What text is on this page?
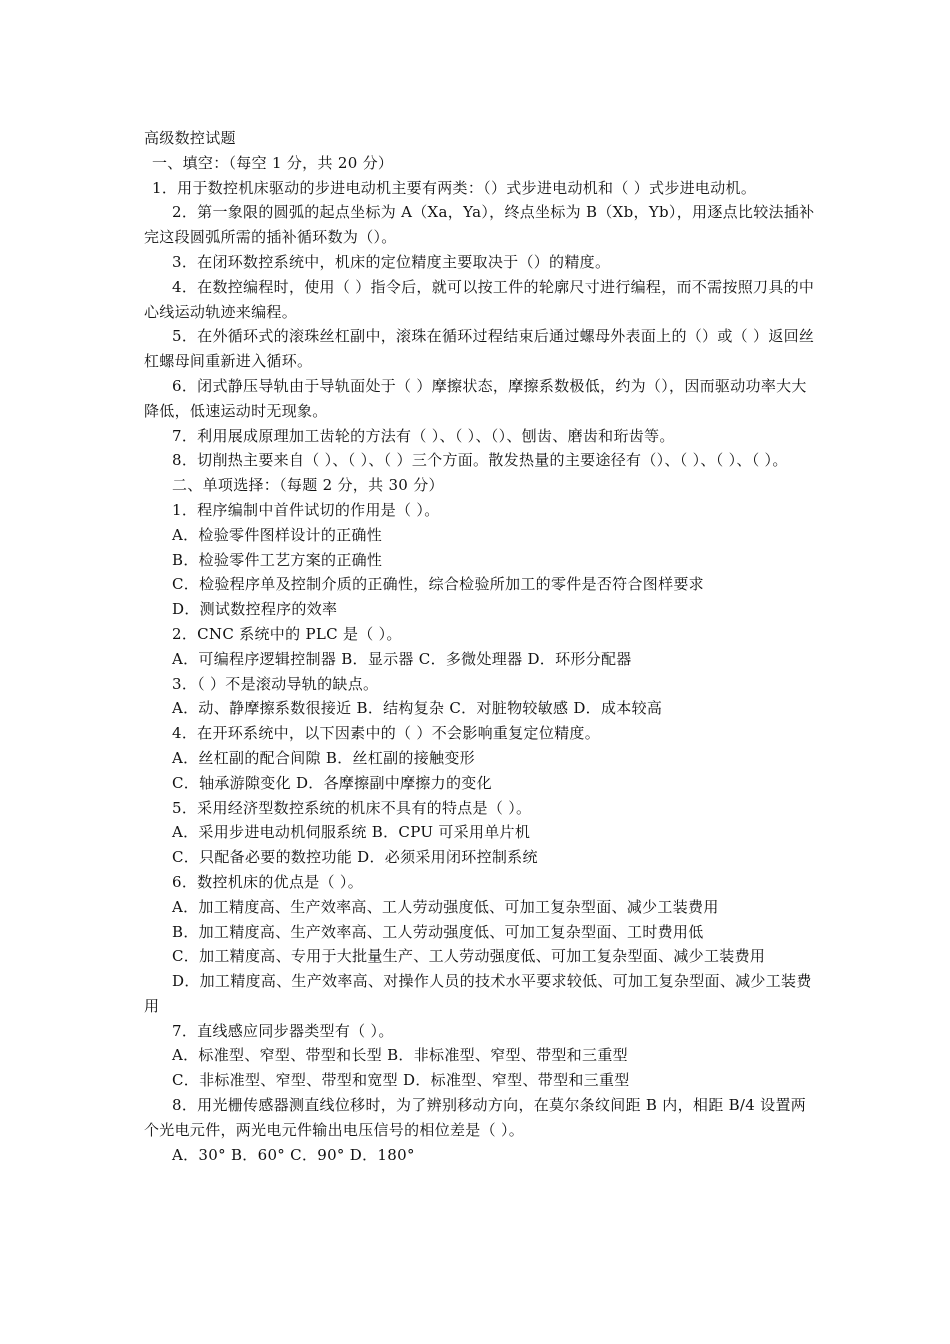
高级数控试题

一、填空：（每空 1 分，共 20 分）

1．用于数控机床驱动的步进电动机主要有两类：（）式步进电动机和（ ）式步进电动机。

2．第一象限的圆弧的起点坐标为 A（Xa，Ya），终点坐标为 B（Xb，Yb），用逐点比较法插补完这段圆弧所需的插补循环数为（）。

3．在闭环数控系统中，机床的定位精度主要取决于（）的精度。

4．在数控编程时，使用（ ）指令后，就可以按工件的轮廓尺寸进行编程，而不需按照刀具的中心线运动轨迹来编程。

5．在外循环式的滚珠丝杠副中，滚珠在循环过程结束后通过螺母外表面上的（）或（ ）返回丝杠螺母间重新进入循环。

6．闭式静压导轨由于导轨面处于（ ）摩擦状态，摩擦系数极低，约为（），因而驱动功率大大降低，低速运动时无现象。

7．利用展成原理加工齿轮的方法有（ ）、（ ）、（）、刨齿、磨齿和珩齿等。

8．切削热主要来自（ ）、（ ）、（ ）三个方面。散发热量的主要途径有（）、（ ）、（ ）、（ ）。

二、单项选择：（每题 2 分，共 30 分）

1．程序编制中首件试切的作用是（ ）。

A．检验零件图样设计的正确性

B．检验零件工艺方案的正确性

C．检验程序单及控制介质的正确性，综合检验所加工的零件是否符合图样要求

D．测试数控程序的效率

2．CNC 系统中的 PLC 是（ ）。

A．可编程序逻辑控制器 B．显示器 C．多微处理器 D．环形分配器

3．（ ）不是滚动导轨的缺点。

A．动、静摩擦系数很接近 B．结构复杂 C．对脏物较敏感 D．成本较高

4．在开环系统中，以下因素中的（ ）不会影响重复定位精度。

A．丝杠副的配合间隙 B．丝杠副的接触变形

C．轴承游隙变化 D．各摩擦副中摩擦力的变化

5．采用经济型数控系统的机床不具有的特点是（ ）。

A．采用步进电动机伺服系统 B．CPU 可采用单片机

C．只配备必要的数控功能 D．必须采用闭环控制系统

6．数控机床的优点是（ ）。

A．加工精度高、生产效率高、工人劳动强度低、可加工复杂型面、减少工装费用

B．加工精度高、生产效率高、工人劳动强度低、可加工复杂型面、工时费用低

C．加工精度高、专用于大批量生产、工人劳动强度低、可加工复杂型面、减少工装费用

D．加工精度高、生产效率高、对操作人员的技术水平要求较低、可加工复杂型面、减少工装费用

7．直线感应同步器类型有（ ）。

A．标准型、窄型、带型和长型 B．非标准型、窄型、带型和三重型

C．非标准型、窄型、带型和宽型 D．标准型、窄型、带型和三重型

8．用光栅传感器测直线位移时，为了辨别移动方向，在莫尔条纹间距 B 内，相距 B/4 设置两个光电元件，两光电元件输出电压信号的相位差是（ ）。

A．30° B．60° C．90° D．180°
